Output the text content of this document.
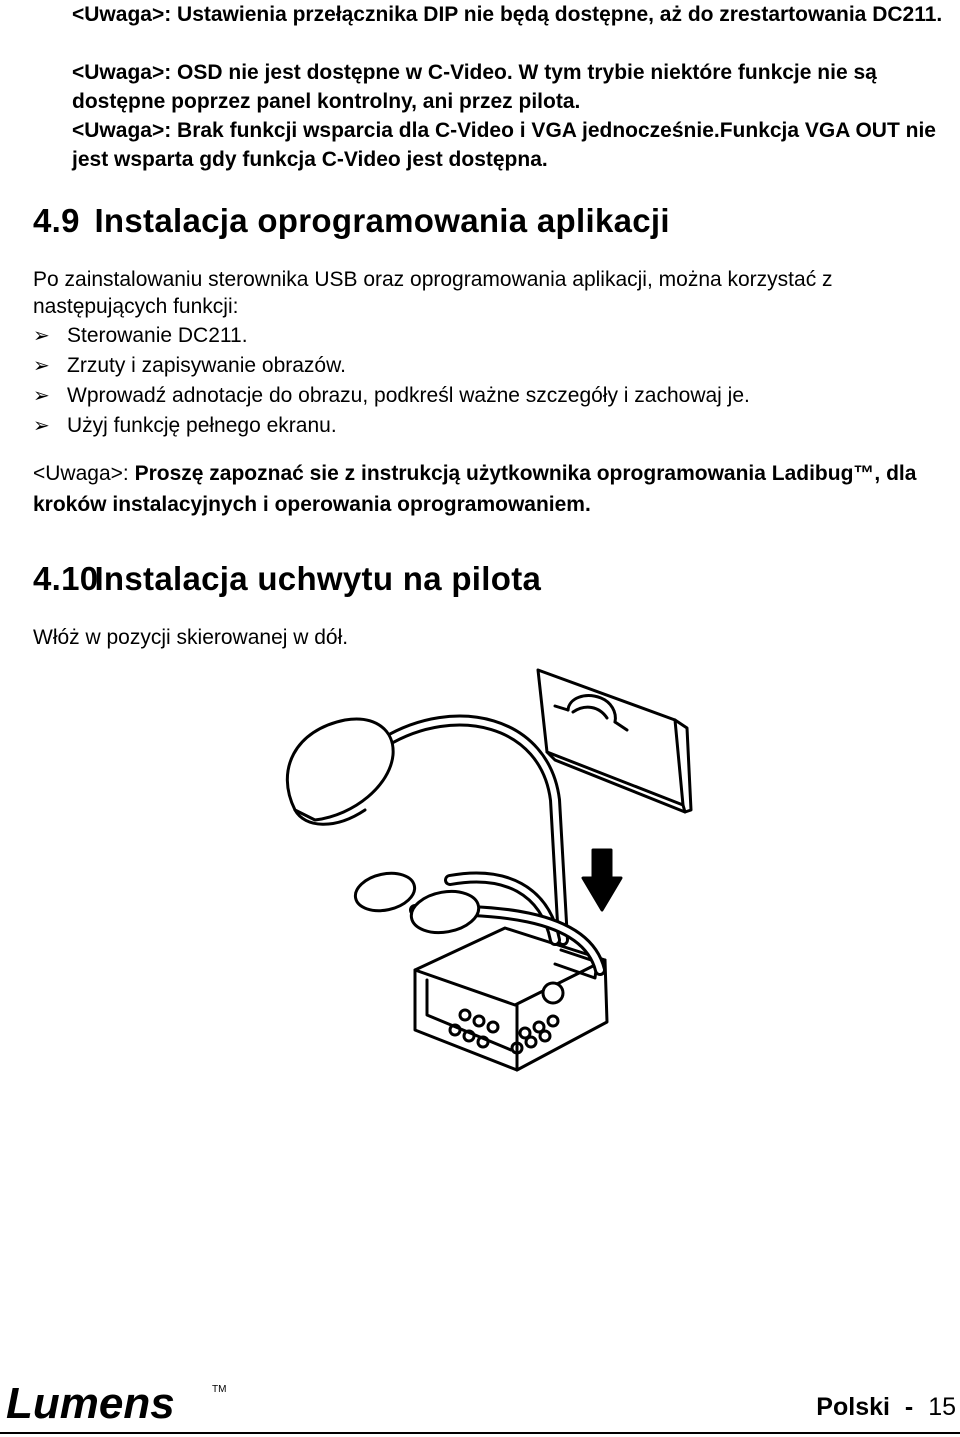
<Uwaga>: Ustawienia przełącznika DIP nie będą dostępne, aż do zrestartowania DC211.

<Uwaga>: OSD nie jest dostępne w C-Video. W tym trybie niektóre funkcje nie są dostępne poprzez panel kontrolny, ani przez pilota.

<Uwaga>: Brak funkcji wsparcia dla C-Video i VGA jednocześnie.Funkcja VGA OUT nie jest wsparta gdy funkcja C-Video jest dostępna.

4.9 Instalacja oprogramowania aplikacji

Po zainstalowaniu sterownika USB oraz oprogramowania aplikacji, można korzystać z następujących funkcji:

➢ Sterowanie DC211.
➢ Zrzuty i zapisywanie obrazów.
➢ Wprowadź adnotacje do obrazu, podkreśl ważne szczegóły i zachowaj je.
➢ Użyj funkcję pełnego ekranu.

<Uwaga>: Proszę zapoznać sie z instrukcją użytkownika oprogramowania Ladibug™, dla kroków instalacyjnych i operowania oprogramowaniem.

4.10 Instalacja uchwytu na pilota

Włóż w pozycji skierowanej w dół.

Lumens	TM
Polski - 15
